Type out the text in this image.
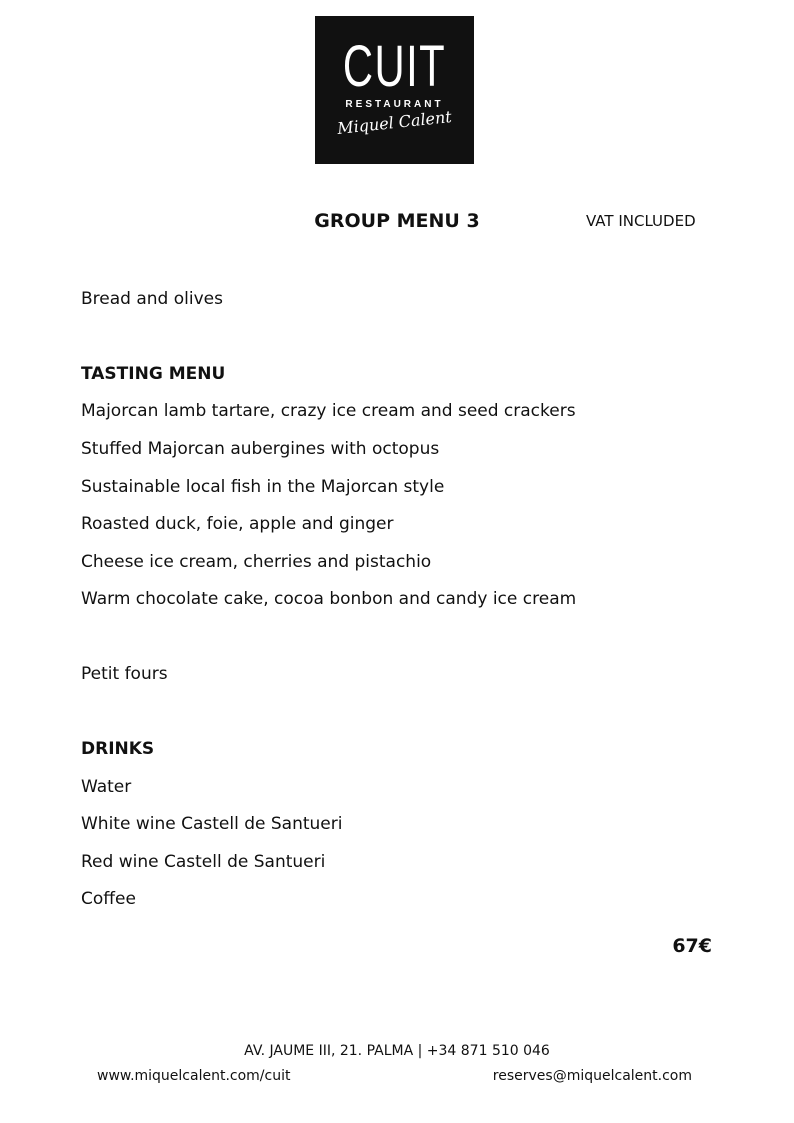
CUIT
RESTAURANT
Miquel Calent
GROUP MENU 3	VAT INCLUDED

Bread and olives

TASTING MENU

Majorcan lamb tartare, crazy ice cream and seed crackers

Stuffed Majorcan aubergines with octopus

Sustainable local fish in the Majorcan style

Roasted duck, foie, apple and ginger

Cheese ice cream, cherries and pistachio

Warm chocolate cake, cocoa bonbon and candy ice cream

Petit fours

DRINKS

Water

White wine Castell de Santueri

Red wine Castell de Santueri

Coffee

67€
AV. JAUME III, 21. PALMA | +34 871 510 046
www.miquelcalent.com/cuit	reserves@miquelcalent.com
